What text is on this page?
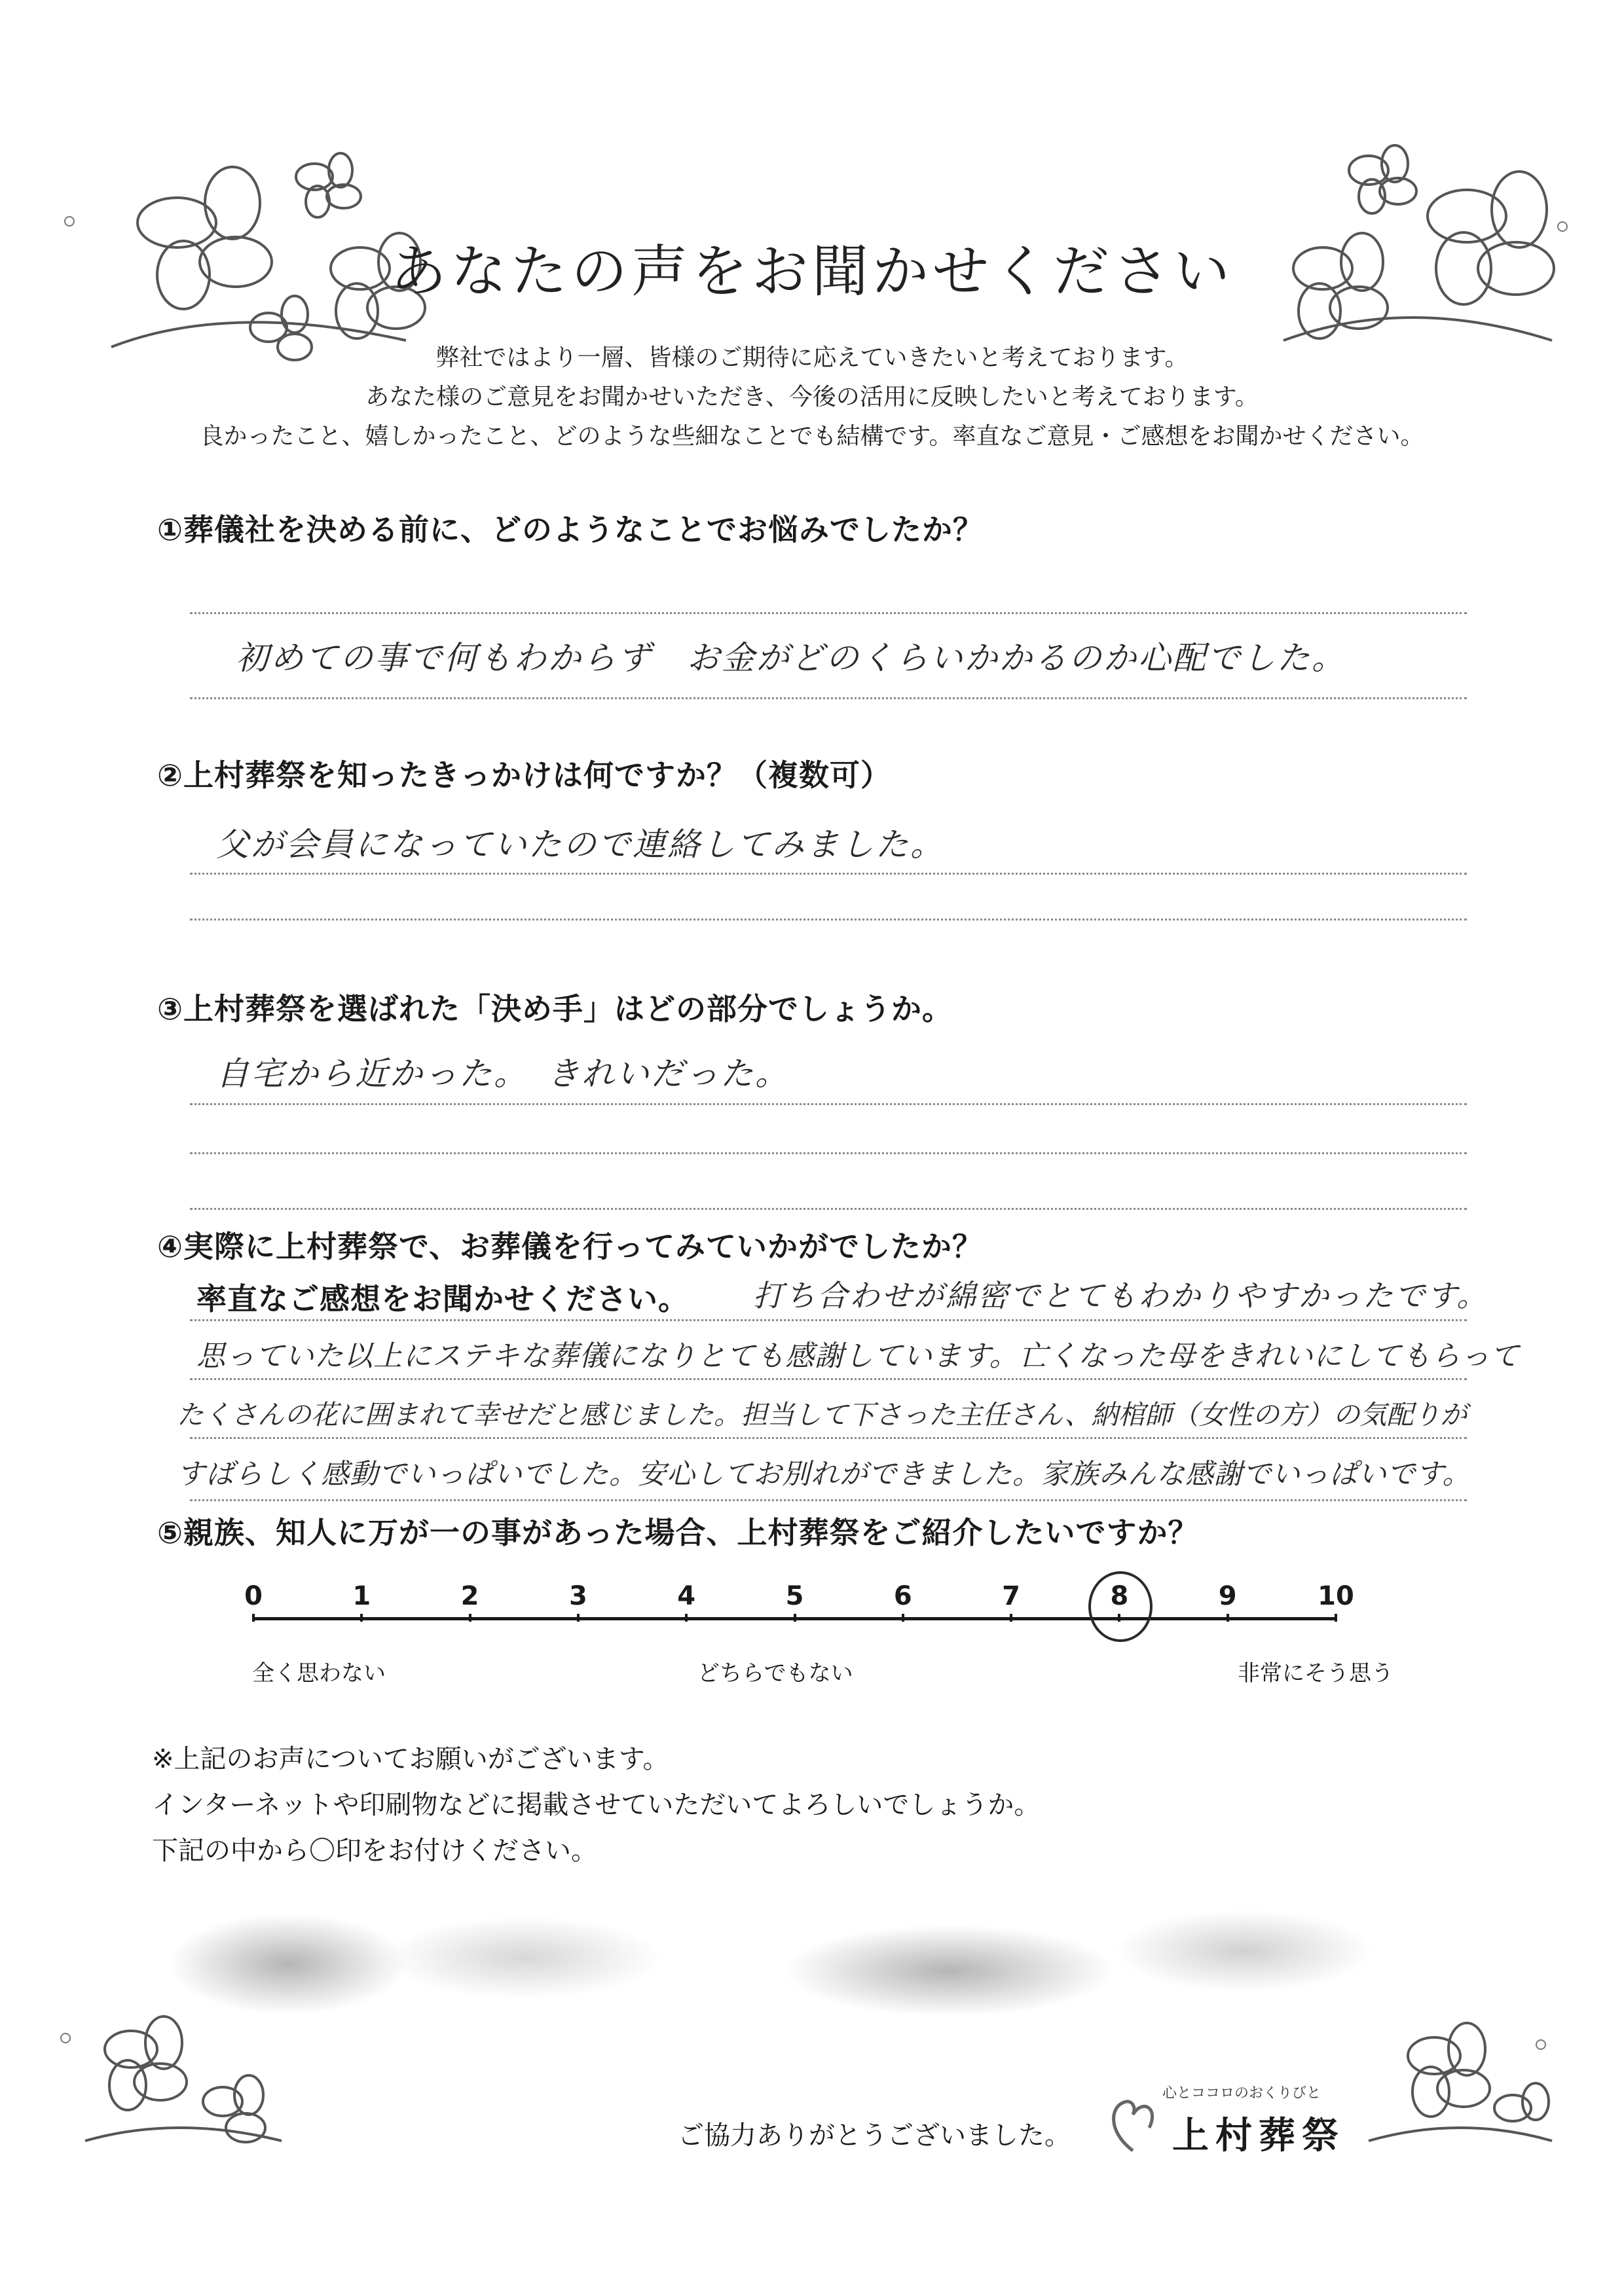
あなたの声をお聞かせください
弊社ではより一層、皆様のご期待に応えていきたいと考えております。
あなた様のご意見をお聞かせいただき、今後の活用に反映したいと考えております。
良かったこと、嬉しかったこと、どのような些細なことでも結構です。率直なご意見・ご感想をお聞かせください。
①葬儀社を決める前に、どのようなことでお悩みでしたか？
初めての事で何もわからず　お金がどのくらいかかるのか心配でした。
②上村葬祭を知ったきっかけは何ですか？（複数可）
父が会員になっていたので連絡してみました。
③上村葬祭を選ばれた「決め手」はどの部分でしょうか。
自宅から近かった。　きれいだった。
④実際に上村葬祭で、お葬儀を行ってみていかがでしたか？
率直なご感想をお聞かせください。 打ち合わせが綿密でとてもわかりやすかったです。
思っていた以上にステキな葬儀になりとても感謝しています。亡くなった母をきれいにしてもらって
たくさんの花に囲まれて幸せだと感じました。担当して下さった主任さん、納棺師（女性の方）の気配りが
すばらしく感動でいっぱいでした。安心してお別れができました。家族みんな感謝でいっぱいです。
⑤親族、知人に万が一の事があった場合、上村葬祭をご紹介したいですか？
0	1	2	3	4	5	6	7	8	9	10
全く思わない	どちらでもない	非常にそう思う
※上記のお声についてお願いがございます。
インターネットや印刷物などに掲載させていただいてよろしいでしょうか。
下記の中から〇印をお付けください。
ご協力ありがとうございました。
心とココロのおくりびと
上村葬祭
